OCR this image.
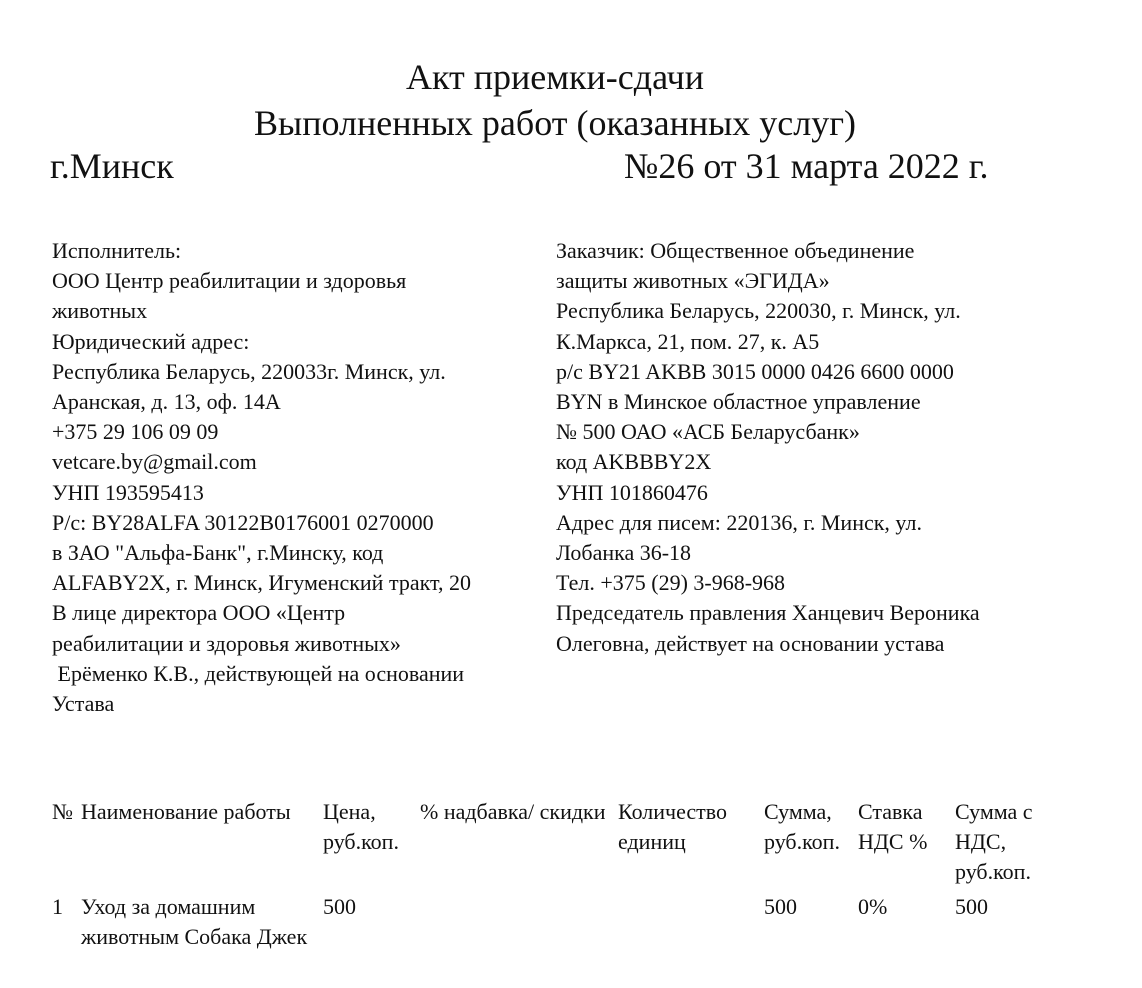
Акт приемки-сдачи
Выполненных работ (оказанных услуг)
г.Минск	№26 от 31 марта 2022 г.
Исполнитель:
ООО Центр реабилитации и здоровья
животных
Юридический адрес:
Республика Беларусь, 220033г. Минск, ул.
Аранская, д. 13, оф. 14А
+375 29 106 09 09
vetcare.by@gmail.com
УНП 193595413
Р/с: BY28ALFA 30122B0176001 0270000
в ЗАО "Альфа-Банк", г.Минску, код
ALFABY2X, г. Минск, Игуменский тракт, 20
В лице директора ООО «Центр
реабилитации и здоровья животных»
Ерёменко К.В., действующей на основании
Устава
Заказчик: Общественное объединение
защиты животных «ЭГИДА»
Республика Беларусь, 220030, г. Минск, ул.
К.Маркса, 21, пом. 27, к. А5
р/с BY21 AKBB 3015 0000 0426 6600 0000
BYN в Минское областное управление
№ 500 ОАО «АСБ Беларусбанк»
код AKBBBY2X
УНП 101860476
Адрес для писем: 220136, г. Минск, ул.
Лобанка 36-18
Тел. +375 (29) 3-968-968
Председатель правления Ханцевич Вероника
Олеговна, действует на основании устава
№	Наименование работы	Цена, руб.коп.	% надбавка/ скидки	Количество единиц	Сумма, руб.коп.	Ставка НДС %	Сумма с НДС, руб.коп.
1	Уход за домашним животным Собака Джек	500			500	0%	500
